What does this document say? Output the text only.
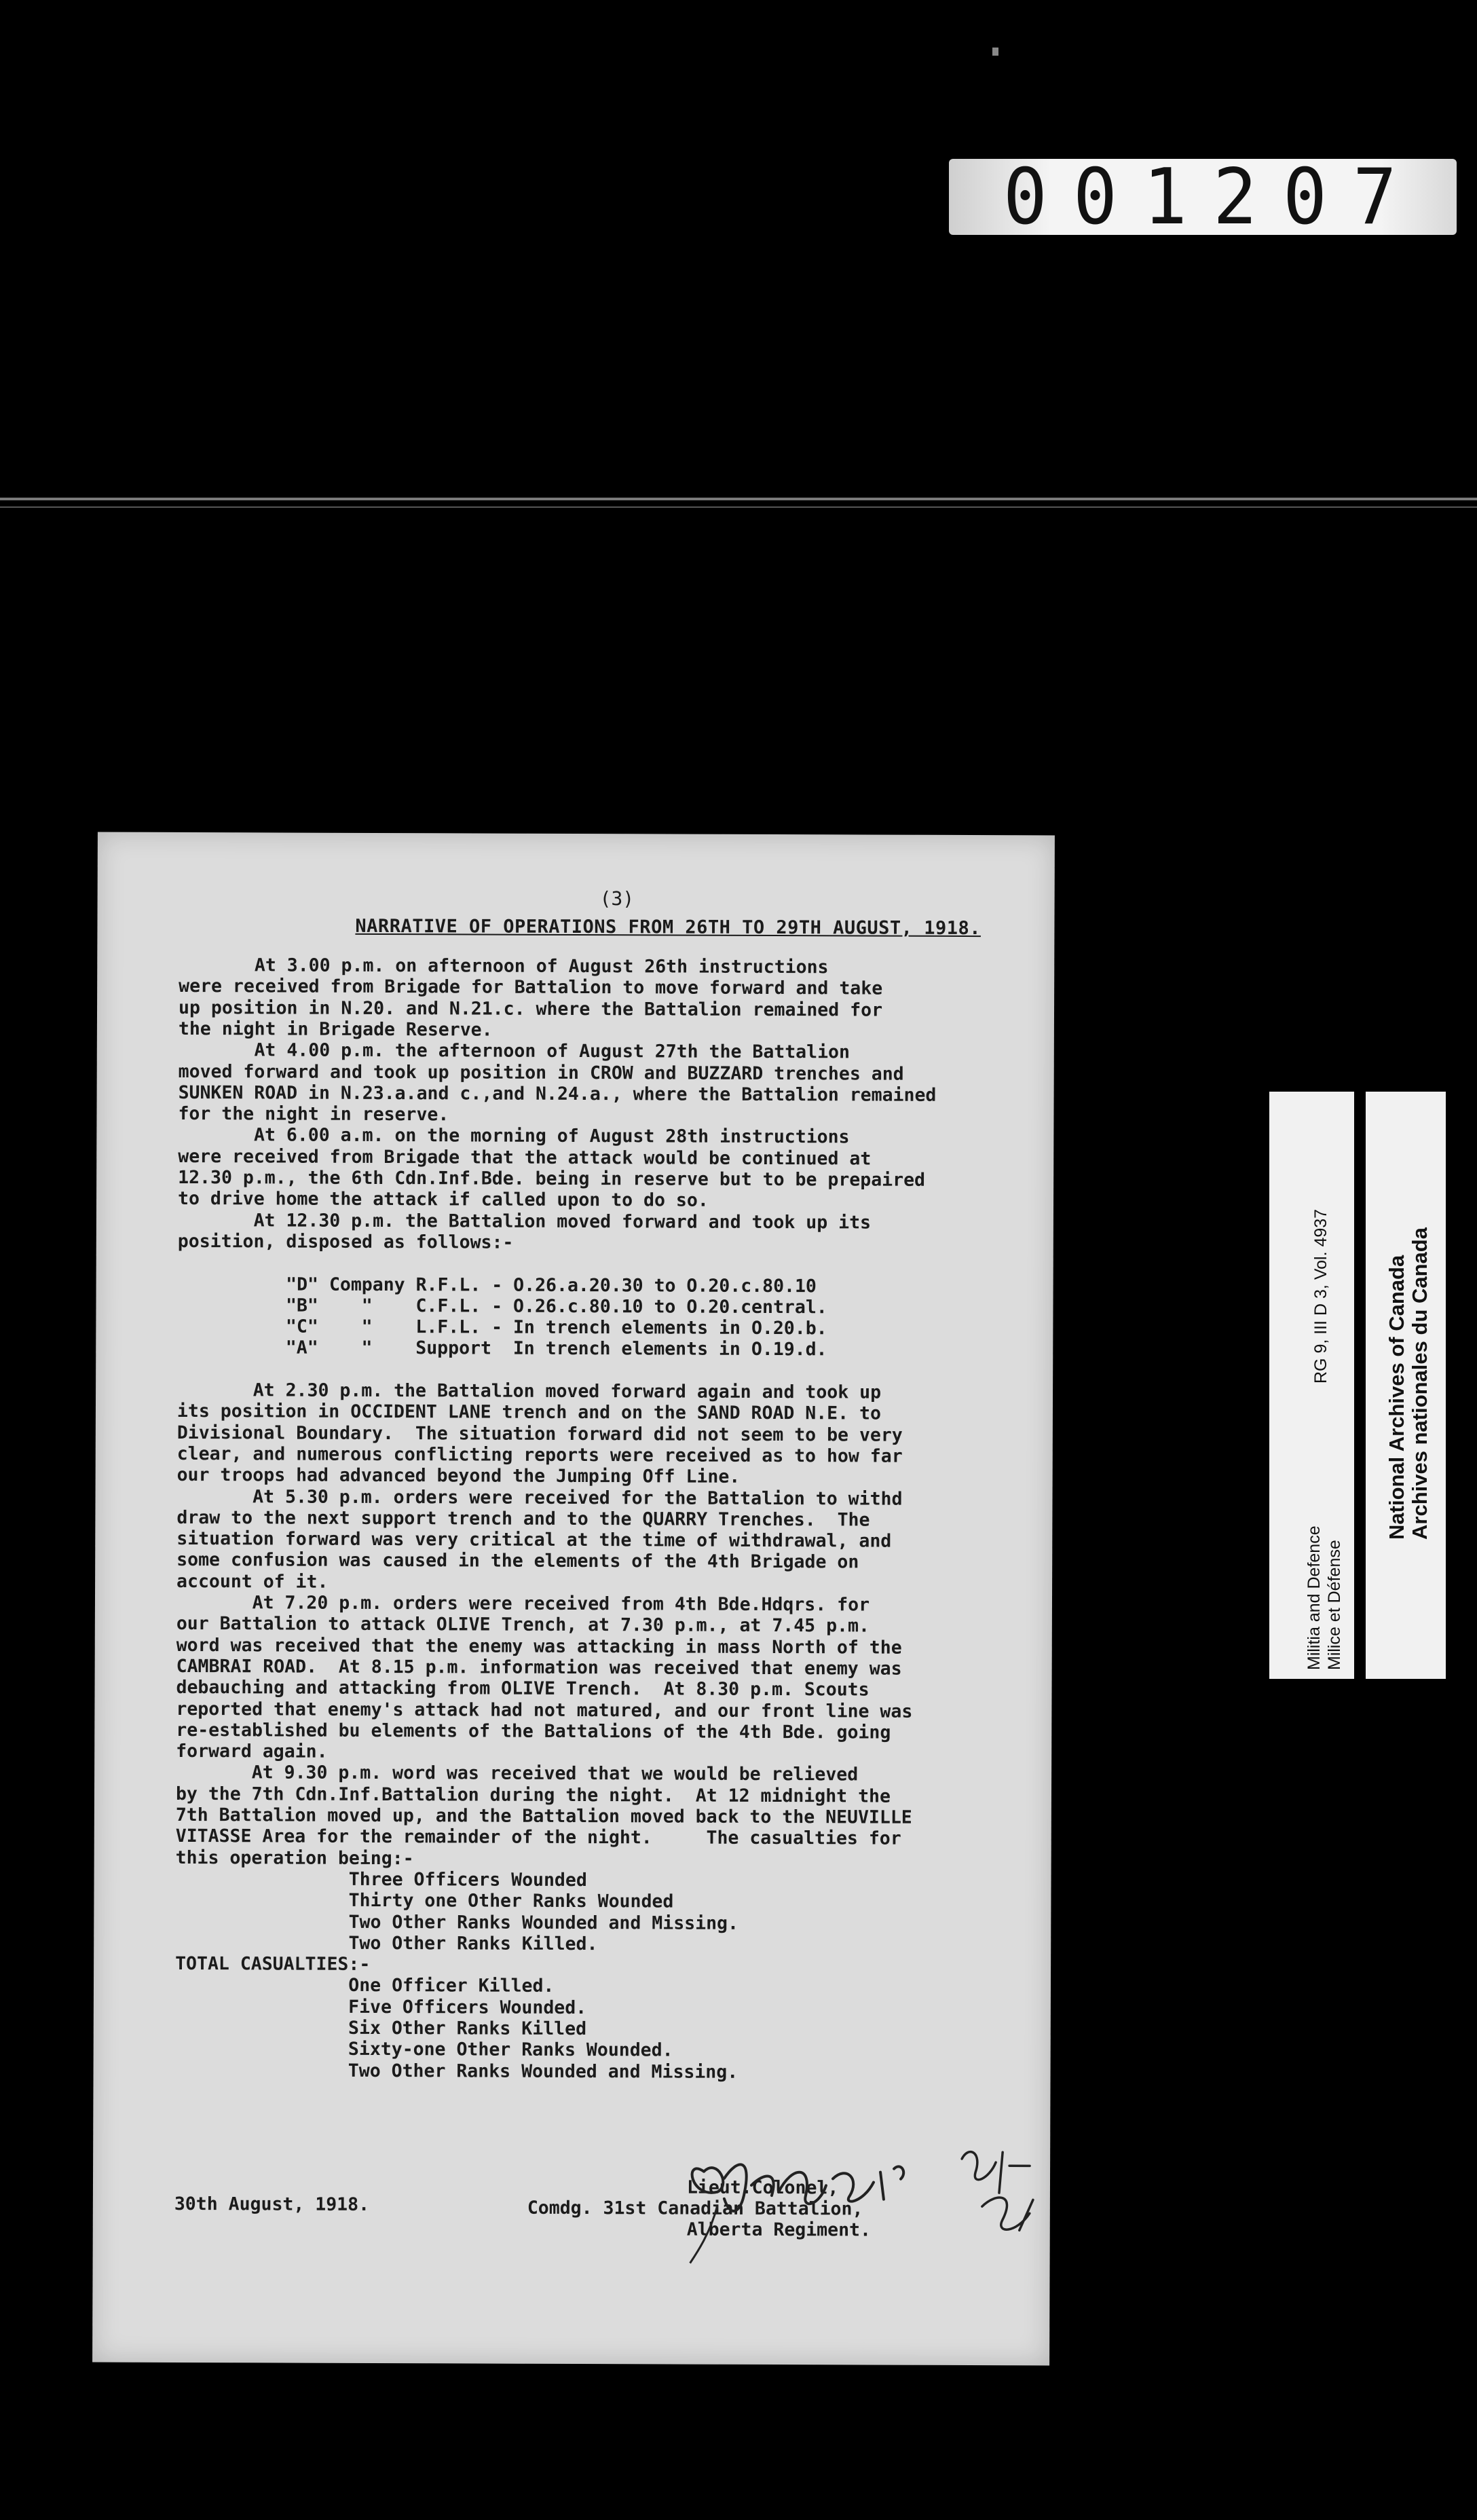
001207
(3)
NARRATIVE OF OPERATIONS FROM 26TH TO 29TH AUGUST, 1918.
At 3.00 p.m. on afternoon of August 26th instructions
were received from Brigade for Battalion to move forward and take
up position in N.20. and N.21.c. where the Battalion remained for
the night in Brigade Reserve.
At 4.00 p.m. the afternoon of August 27th the Battalion
moved forward and took up position in CROW and BUZZARD trenches and
SUNKEN ROAD in N.23.a.and c.,and N.24.a., where the Battalion remained
for the night in reserve.
At 6.00 a.m. on the morning of August 28th instructions
were received from Brigade that the attack would be continued at
12.30 p.m., the 6th Cdn.Inf.Bde. being in reserve but to be prepaired
to drive home the attack if called upon to do so.
At 12.30 p.m. the Battalion moved forward and took up its
position, disposed as follows:-
"D" Company R.F.L. - O.26.a.20.30 to O.20.c.80.10
"B"    "    C.F.L. - O.26.c.80.10 to O.20.central.
"C"    "    L.F.L. - In trench elements in O.20.b.
"A"    "    Support  In trench elements in O.19.d.
At 2.30 p.m. the Battalion moved forward again and took up
its position in OCCIDENT LANE trench and on the SAND ROAD N.E. to
Divisional Boundary.  The situation forward did not seem to be very
clear, and numerous conflicting reports were received as to how far
our troops had advanced beyond the Jumping Off Line.
At 5.30 p.m. orders were received for the Battalion to withd
draw to the next support trench and to the QUARRY Trenches.  The
situation forward was very critical at the time of withdrawal, and
some confusion was caused in the elements of the 4th Brigade on
account of it.
At 7.20 p.m. orders were received from 4th Bde.Hdqrs. for
our Battalion to attack OLIVE Trench, at 7.30 p.m., at 7.45 p.m.
word was received that the enemy was attacking in mass North of the
CAMBRAI ROAD.  At 8.15 p.m. information was received that enemy was
debauching and attacking from OLIVE Trench.  At 8.30 p.m. Scouts
reported that enemy's attack had not matured, and our front line was
re-established bu elements of the Battalions of the 4th Bde. going
forward again.
At 9.30 p.m. word was received that we would be relieved
by the 7th Cdn.Inf.Battalion during the night.  At 12 midnight the
7th Battalion moved up, and the Battalion moved back to the NEUVILLE
VITASSE Area for the remainder of the night.     The casualties for
this operation being:-
Three Officers Wounded
Thirty one Other Ranks Wounded
Two Other Ranks Wounded and Missing.
Two Other Ranks Killed.
TOTAL CASUALTIES:-
One Officer Killed.
Five Officers Wounded.
Six Other Ranks Killed
Sixty-one Other Ranks Wounded.
Two Other Ranks Wounded and Missing.
30th August, 1918.
Lieut.Colonel,
Comdg. 31st Canadian Battalion,
Alberta Regiment.
RG 9, III D 3, Vol. 4937
Militia and Defence Milice et Défense
National Archives of Canada Archives nationales du Canada
